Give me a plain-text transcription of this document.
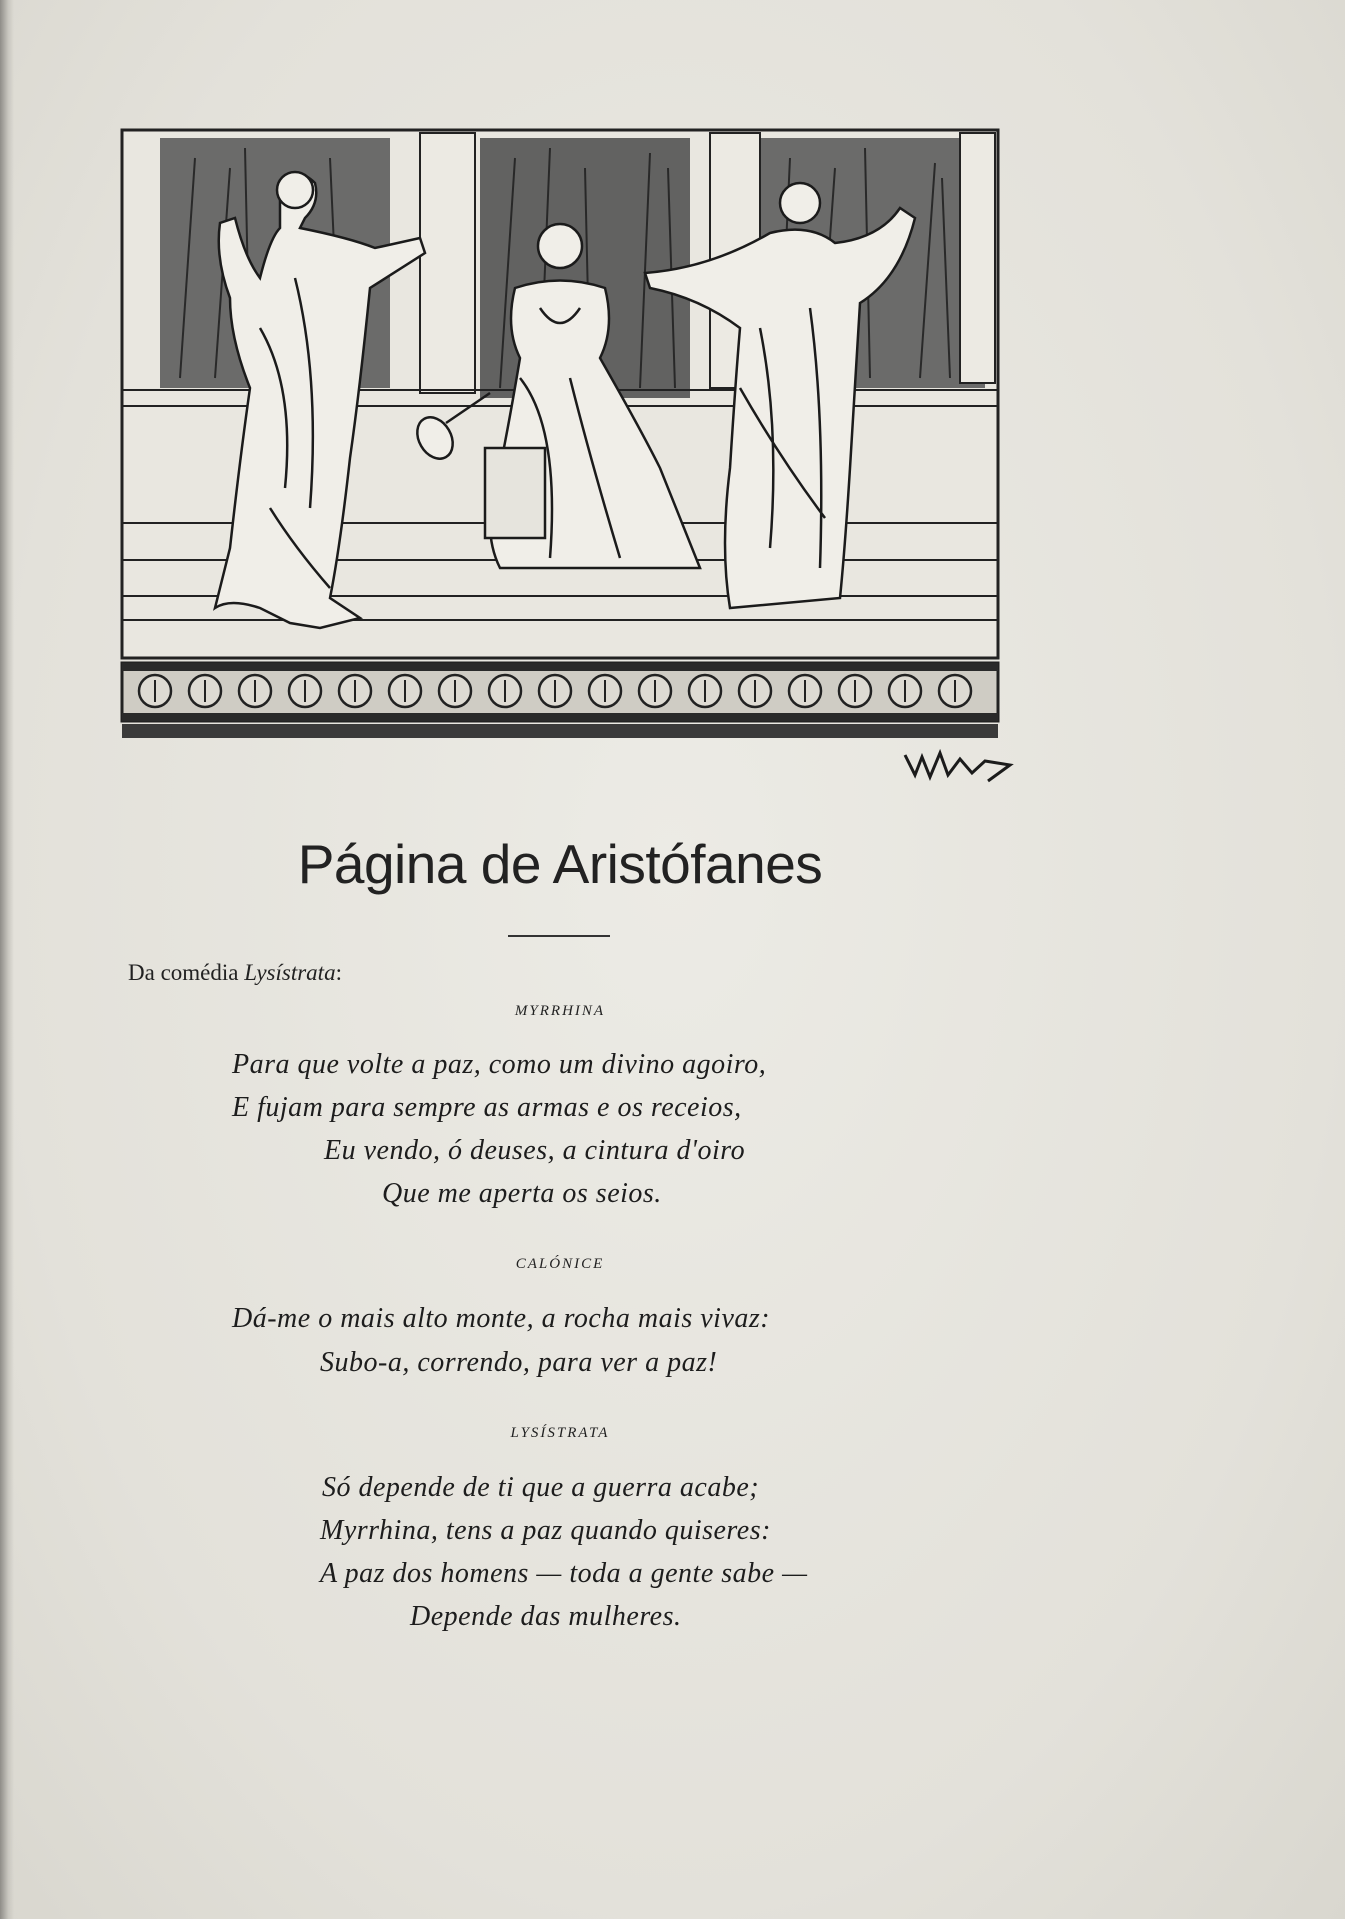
Página de Aristófanes
Da comédia Lysístrata:
MYRRHINA
Para que volte a paz, como um divino agoiro,
E fujam para sempre as armas e os receios,
Eu vendo, ó deuses, a cintura d'oiro
Que me aperta os seios.
CALÓNICE
Dá-me o mais alto monte, a rocha mais vivaz:
Subo-a, correndo, para ver a paz!
LYSÍSTRATA
Só depende de ti que a guerra acabe;
Myrrhina, tens a paz quando quiseres:
A paz dos homens — toda a gente sabe —
Depende das mulheres.
